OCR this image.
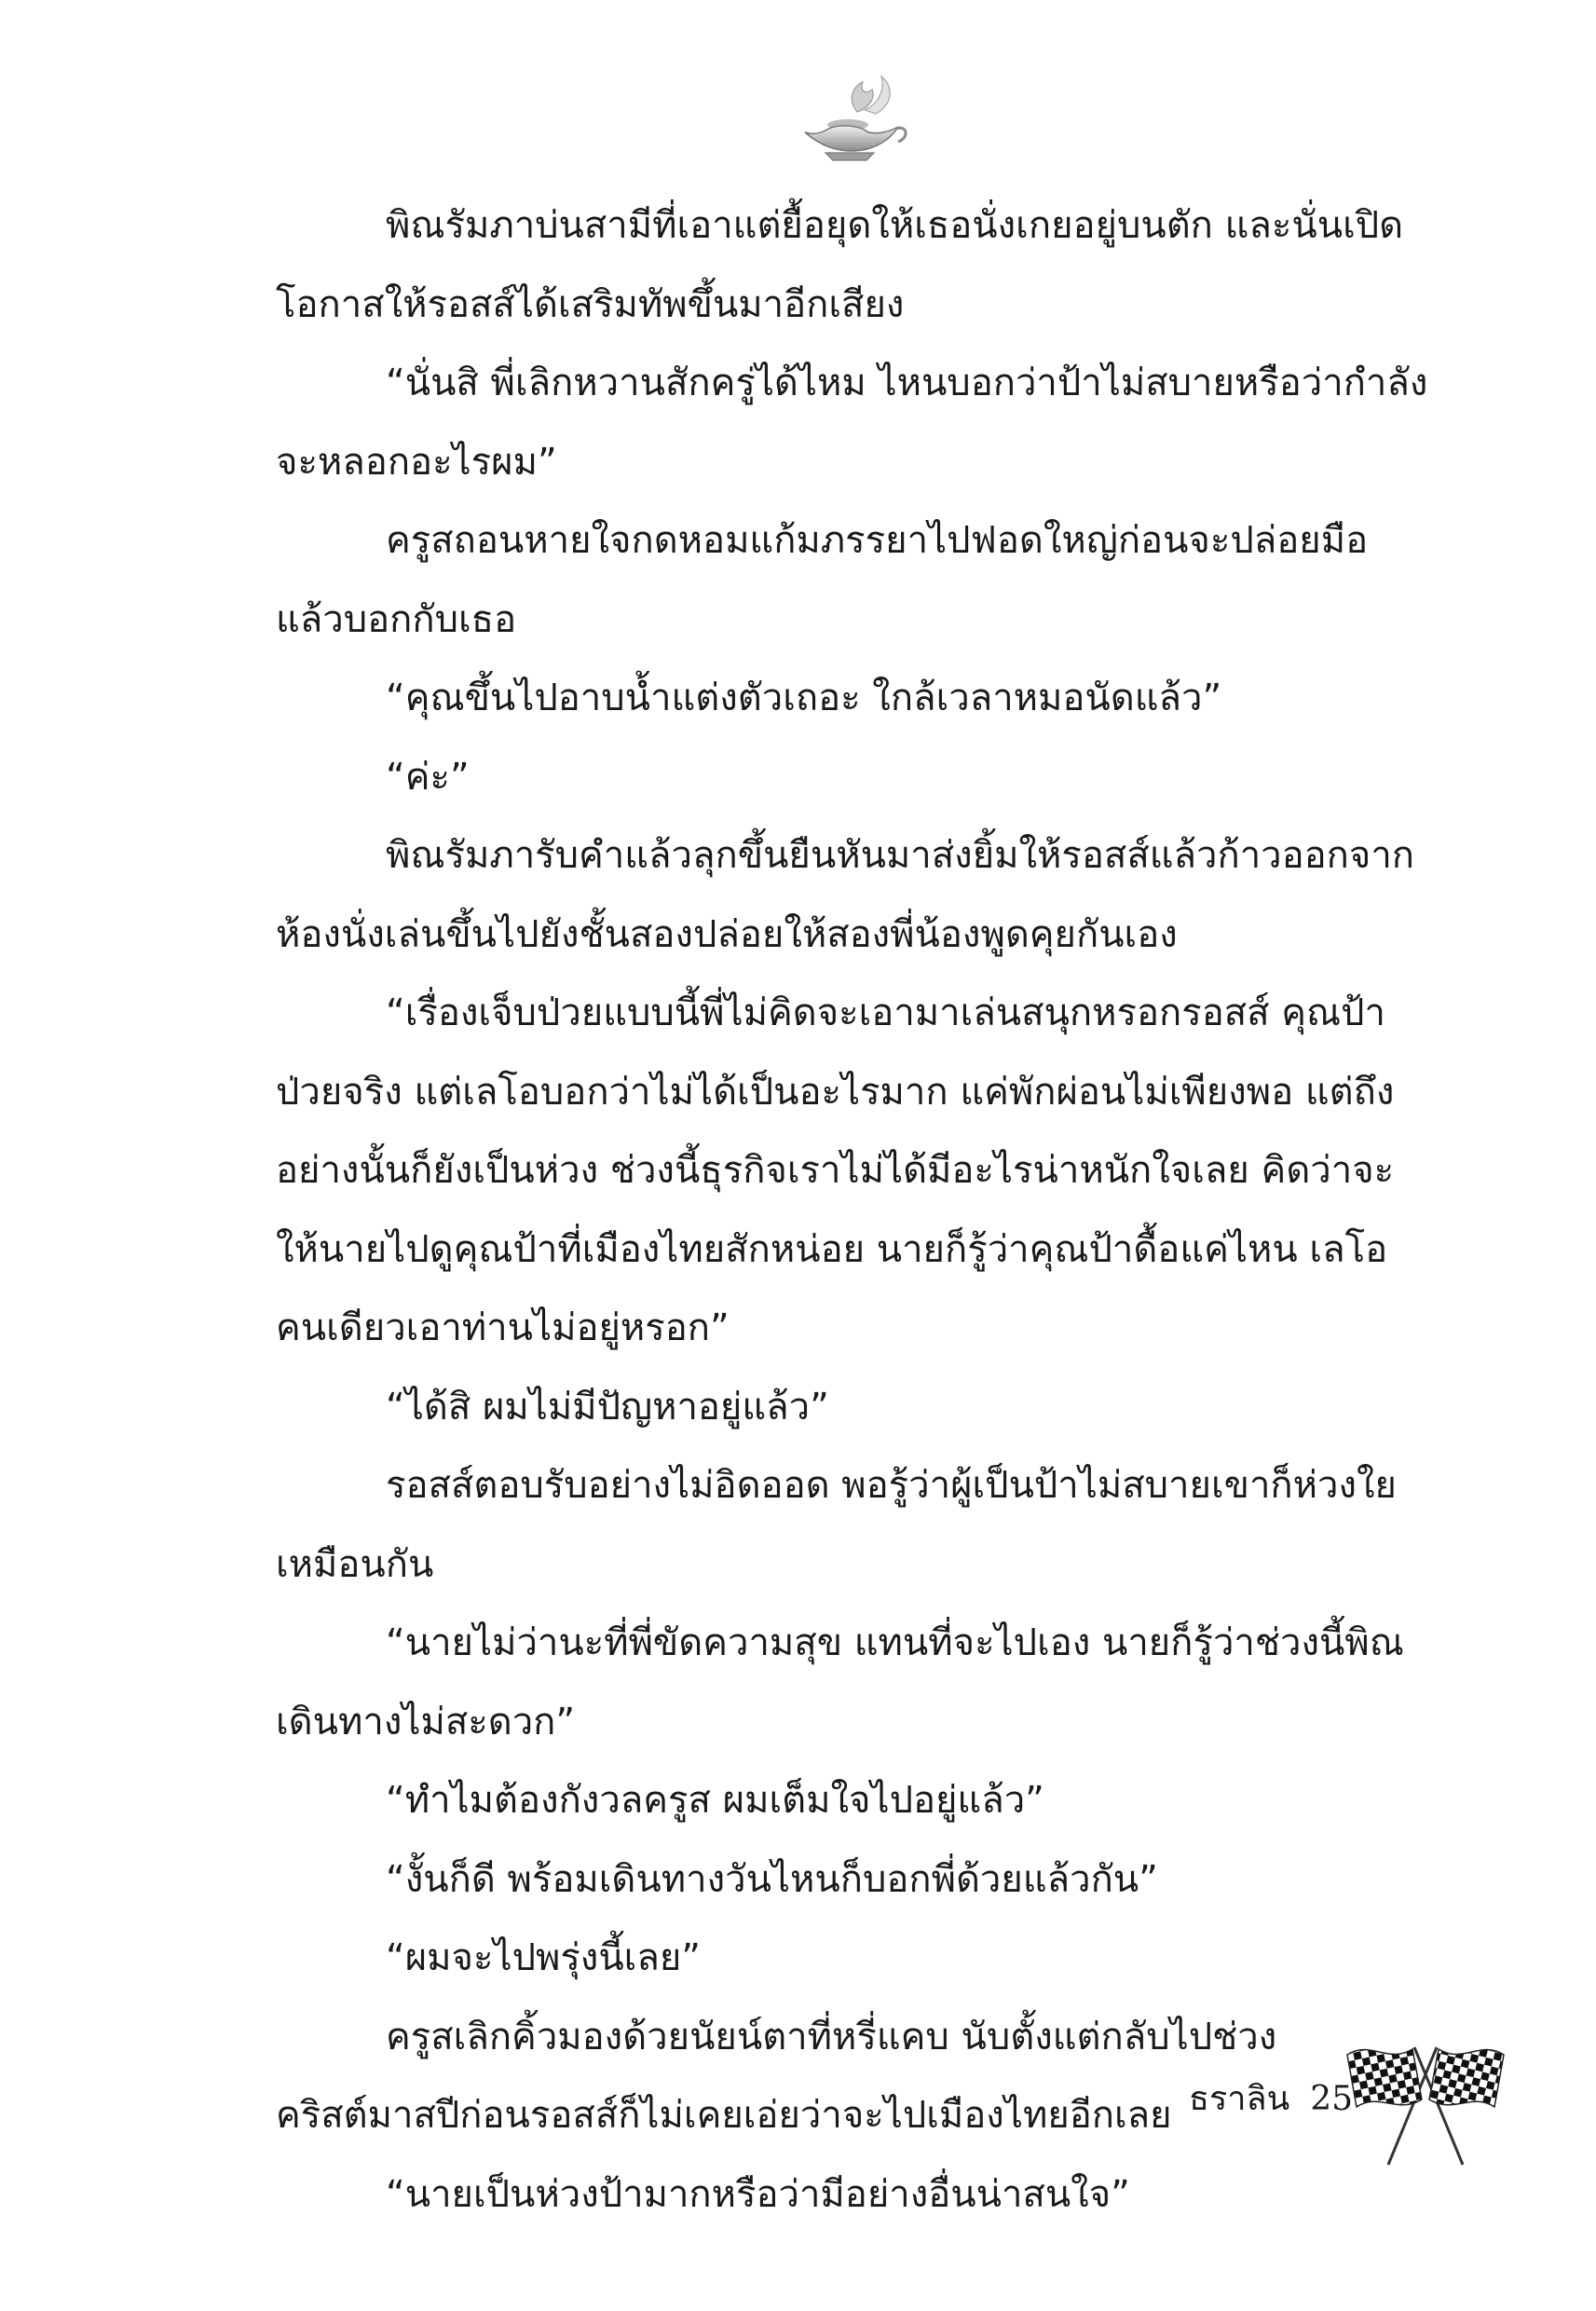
พิณรัมภาบ่นสามีที่เอาแต่ยื้อยุดให้เธอนั่งเกยอยู่บนตัก และนั่นเปิดโอกาสให้รอสส์ได้เสริมทัพขึ้นมาอีกเสียง

“นั่นสิ พี่เลิกหวานสักครู่ได้ไหม ไหนบอกว่าป้าไม่สบายหรือว่ากำลังจะหลอกอะไรผม”

ครูสถอนหายใจกดหอมแก้มภรรยาไปฟอดใหญ่ก่อนจะปล่อยมือแล้วบอกกับเธอ

“คุณขึ้นไปอาบน้ำแต่งตัวเถอะ ใกล้เวลาหมอนัดแล้ว”

“ค่ะ”

พิณรัมภารับคำแล้วลุกขึ้นยืนหันมาส่งยิ้มให้รอสส์แล้วก้าวออกจากห้องนั่งเล่นขึ้นไปยังชั้นสองปล่อยให้สองพี่น้องพูดคุยกันเอง

“เรื่องเจ็บป่วยแบบนี้พี่ไม่คิดจะเอามาเล่นสนุกหรอกรอสส์ คุณป้าป่วยจริง แต่เลโอบอกว่าไม่ได้เป็นอะไรมาก แค่พักผ่อนไม่เพียงพอ แต่ถึงอย่างนั้นก็ยังเป็นห่วง ช่วงนี้ธุรกิจเราไม่ได้มีอะไรน่าหนักใจเลย คิดว่าจะให้นายไปดูคุณป้าที่เมืองไทยสักหน่อย นายก็รู้ว่าคุณป้าดื้อแค่ไหน เลโอคนเดียวเอาท่านไม่อยู่หรอก”

“ได้สิ ผมไม่มีปัญหาอยู่แล้ว”

รอสส์ตอบรับอย่างไม่อิดออด พอรู้ว่าผู้เป็นป้าไม่สบายเขาก็ห่วงใยเหมือนกัน

“นายไม่ว่านะที่พี่ขัดความสุข แทนที่จะไปเอง นายก็รู้ว่าช่วงนี้พิณเดินทางไม่สะดวก”

“ทำไมต้องกังวลครูส ผมเต็มใจไปอยู่แล้ว”

“งั้นก็ดี พร้อมเดินทางวันไหนก็บอกพี่ด้วยแล้วกัน”

“ผมจะไปพรุ่งนี้เลย”

ครูสเลิกคิ้วมองด้วยนัยน์ตาที่หรี่แคบ นับตั้งแต่กลับไปช่วงคริสต์มาสปีก่อนรอสส์ก็ไม่เคยเอ่ยว่าจะไปเมืองไทยอีกเลย

“นายเป็นห่วงป้ามากหรือว่ามีอย่างอื่นน่าสนใจ”

ธราลิน 25
